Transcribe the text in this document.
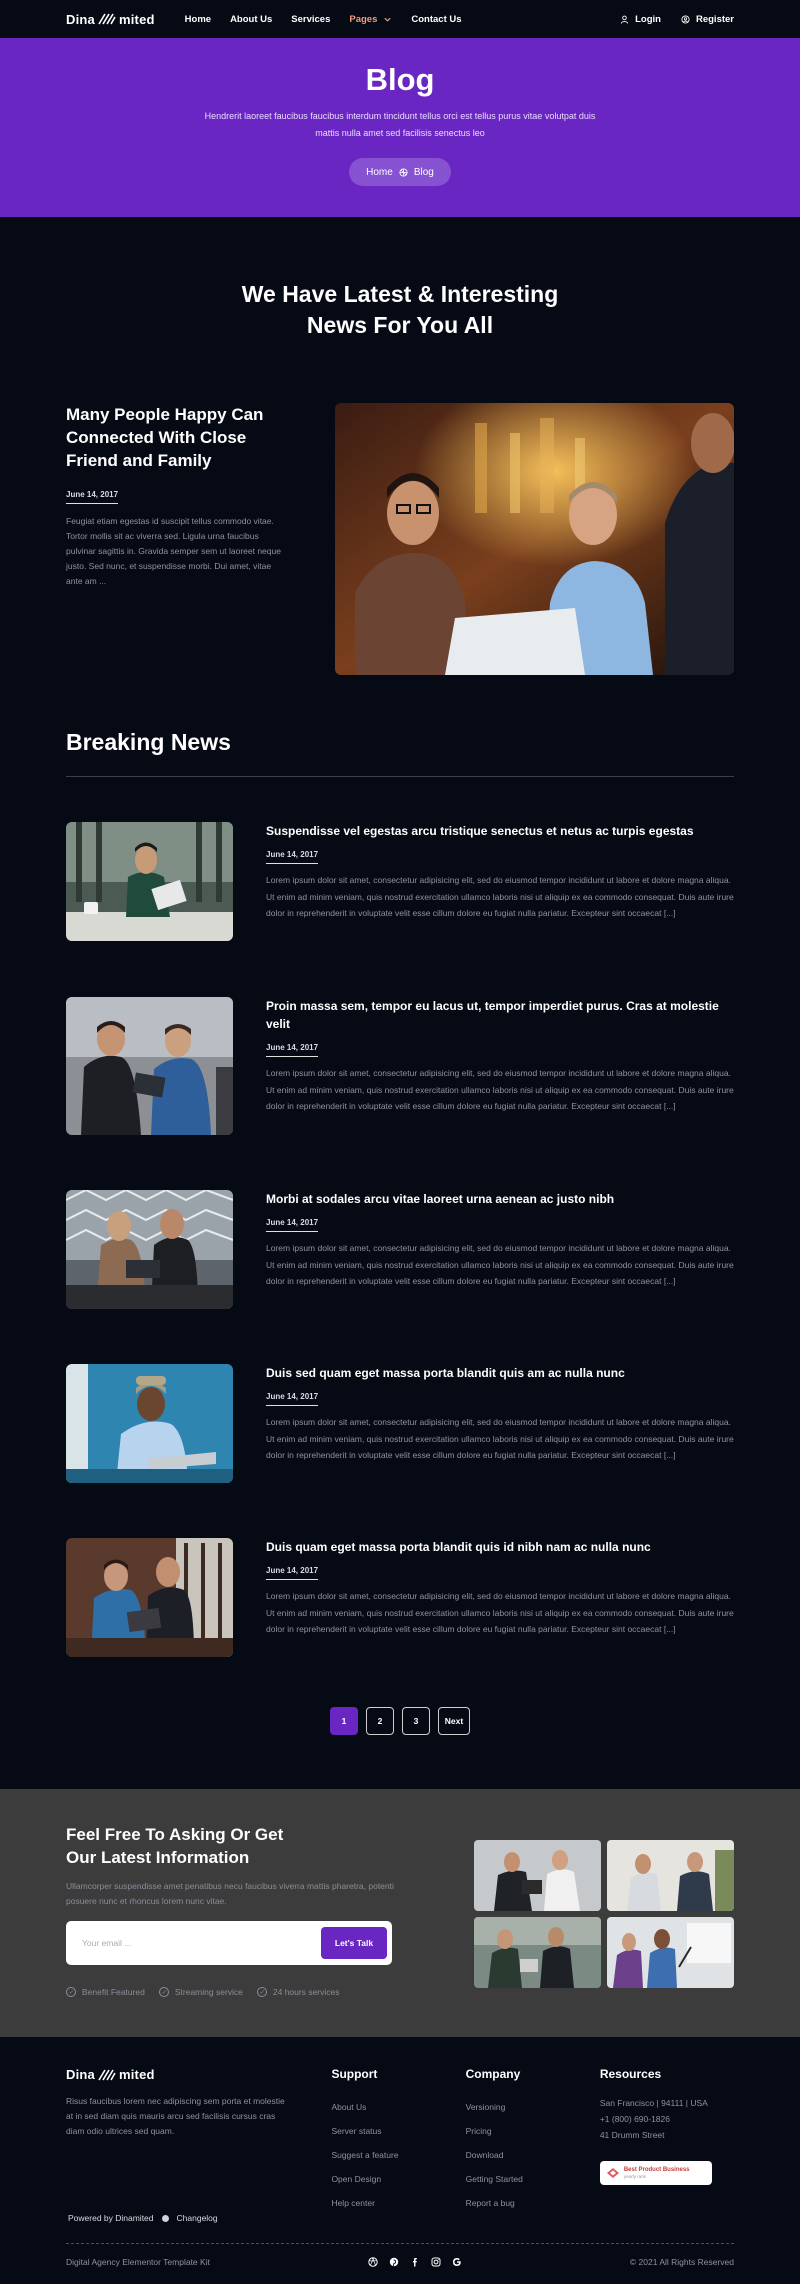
Dina mited	Home About Us Services Pages	Contact Us	Login	Register
Blog

Hendrerit laoreet faucibus faucibus interdum tincidunt tellus orci est tellus purus vitae volutpat duis mattis nulla amet sed facilisis senectus leo

Home Blog
We Have Latest & Interesting
News For You All
Many People Happy Can Connected With Close Friend and Family
June 14, 2017

Feugiat etiam egestas id suscipit tellus commodo vitae. Tortor mollis sit ac viverra sed. Ligula urna faucibus pulvinar sagittis in. Gravida semper sem ut laoreet neque justo. Sed nunc, et suspendisse morbi. Dui amet, vitae ante am ...

Breaking News
Suspendisse vel egestas arcu tristique senectus et netus ac turpis egestas
June 14, 2017

Lorem ipsum dolor sit amet, consectetur adipisicing elit, sed do eiusmod tempor incididunt ut labore et dolore magna aliqua. Ut enim ad minim veniam, quis nostrud exercitation ullamco laboris nisi ut aliquip ex ea commodo consequat. Duis aute irure dolor in reprehenderit in voluptate velit esse cillum dolore eu fugiat nulla pariatur. Excepteur sint occaecat [...]

Proin massa sem, tempor eu lacus ut, tempor imperdiet purus. Cras at molestie velit
June 14, 2017

Lorem ipsum dolor sit amet, consectetur adipisicing elit, sed do eiusmod tempor incididunt ut labore et dolore magna aliqua. Ut enim ad minim veniam, quis nostrud exercitation ullamco laboris nisi ut aliquip ex ea commodo consequat. Duis aute irure dolor in reprehenderit in voluptate velit esse cillum dolore eu fugiat nulla pariatur. Excepteur sint occaecat [...]

Morbi at sodales arcu vitae laoreet urna aenean ac justo nibh
June 14, 2017

Lorem ipsum dolor sit amet, consectetur adipisicing elit, sed do eiusmod tempor incididunt ut labore et dolore magna aliqua. Ut enim ad minim veniam, quis nostrud exercitation ullamco laboris nisi ut aliquip ex ea commodo consequat. Duis aute irure dolor in reprehenderit in voluptate velit esse cillum dolore eu fugiat nulla pariatur. Excepteur sint occaecat [...]

Duis sed quam eget massa porta blandit quis am ac nulla nunc
June 14, 2017

Lorem ipsum dolor sit amet, consectetur adipisicing elit, sed do eiusmod tempor incididunt ut labore et dolore magna aliqua. Ut enim ad minim veniam, quis nostrud exercitation ullamco laboris nisi ut aliquip ex ea commodo consequat. Duis aute irure dolor in reprehenderit in voluptate velit esse cillum dolore eu fugiat nulla pariatur. Excepteur sint occaecat [...]

Duis quam eget massa porta blandit quis id nibh nam ac nulla nunc
June 14, 2017

Lorem ipsum dolor sit amet, consectetur adipisicing elit, sed do eiusmod tempor incididunt ut labore et dolore magna aliqua. Ut enim ad minim veniam, quis nostrud exercitation ullamco laboris nisi ut aliquip ex ea commodo consequat. Duis aute irure dolor in reprehenderit in voluptate velit esse cillum dolore eu fugiat nulla pariatur. Excepteur sint occaecat [...]

1	2	3	Next
Feel Free To Asking Or Get
Our Latest Information

Ullamcorper suspendisse amet penatibus necu faucibus viverra mattis pharetra, potenti posuere nunc et rhoncus lorem nunc vitae.

Your email ...
Let's Talk
✓ Benefit Featured	✓ Streaming service	✓ 24 hours services
Dina mited

Risus faucibus lorem nec adipiscing sem porta et molestie at in sed diam quis mauris arcu sed facilisis cursus cras diam odio ultrices sed quam.

Support
About Us
Server status
Suggest a feature
Open Design
Help center
Company
Versioning
Pricing
Download
Getting Started
Report a bug
Resources
San Francisco | 94111 | USA
+1 (800) 690-1826
41 Drumm Street
Best Product Business
yearly rank
Powered by Dinamited	Changelog
Digital Agency Elementor Template Kit	© 2021 All Rights Reserved
